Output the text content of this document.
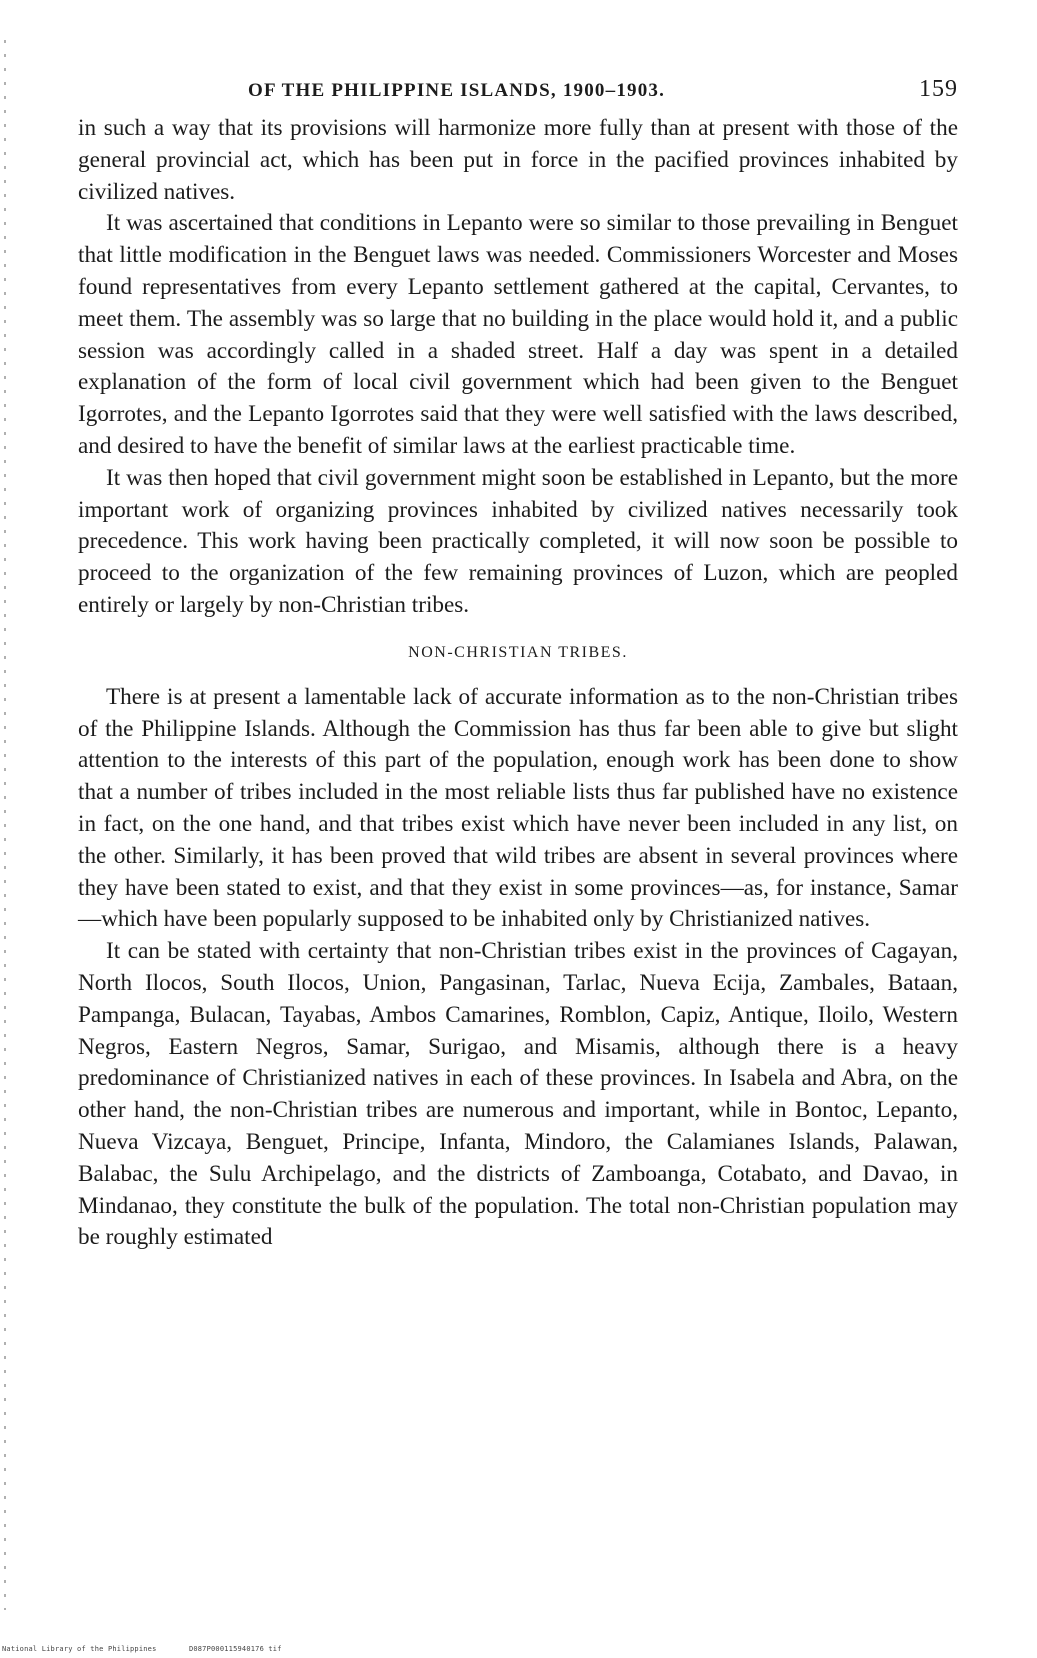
OF THE PHILIPPINE ISLANDS, 1900–1903.	159

in such a way that its provisions will harmonize more fully than at present with those of the general provincial act, which has been put in force in the pacified provinces inhabited by civilized natives.

It was ascertained that conditions in Lepanto were so similar to those prevailing in Benguet that little modification in the Benguet laws was needed. Commissioners Worcester and Moses found representatives from every Lepanto settlement gathered at the capital, Cervantes, to meet them. The assembly was so large that no building in the place would hold it, and a public session was accordingly called in a shaded street. Half a day was spent in a detailed explanation of the form of local civil government which had been given to the Benguet Igorrotes, and the Lepanto Igorrotes said that they were well satisfied with the laws described, and desired to have the benefit of similar laws at the earliest practicable time.

It was then hoped that civil government might soon be established in Lepanto, but the more important work of organizing provinces inhabited by civilized natives necessarily took precedence. This work having been practically completed, it will now soon be possible to proceed to the organization of the few remaining provinces of Luzon, which are peopled entirely or largely by non-Christian tribes.

NON-CHRISTIAN TRIBES.

There is at present a lamentable lack of accurate information as to the non-Christian tribes of the Philippine Islands. Although the Commission has thus far been able to give but slight attention to the interests of this part of the population, enough work has been done to show that a number of tribes included in the most reliable lists thus far published have no existence in fact, on the one hand, and that tribes exist which have never been included in any list, on the other. Similarly, it has been proved that wild tribes are absent in several provinces where they have been stated to exist, and that they exist in some provinces—as, for instance, Samar—which have been popularly supposed to be inhabited only by Christianized natives.

It can be stated with certainty that non-Christian tribes exist in the provinces of Cagayan, North Ilocos, South Ilocos, Union, Pangasinan, Tarlac, Nueva Ecija, Zambales, Bataan, Pampanga, Bulacan, Tayabas, Ambos Camarines, Romblon, Capiz, Antique, Iloilo, Western Negros, Eastern Negros, Samar, Surigao, and Misamis, although there is a heavy predominance of Christianized natives in each of these provinces. In Isabela and Abra, on the other hand, the non-Christian tribes are numerous and important, while in Bontoc, Lepanto, Nueva Vizcaya, Benguet, Principe, Infanta, Mindoro, the Calamianes Islands, Palawan, Balabac, the Sulu Archipelago, and the districts of Zamboanga, Cotabato, and Davao, in Mindanao, they constitute the bulk of the population. The total non-Christian population may be roughly estimated

National Library of the Philippines	D087P000115940176 tif
